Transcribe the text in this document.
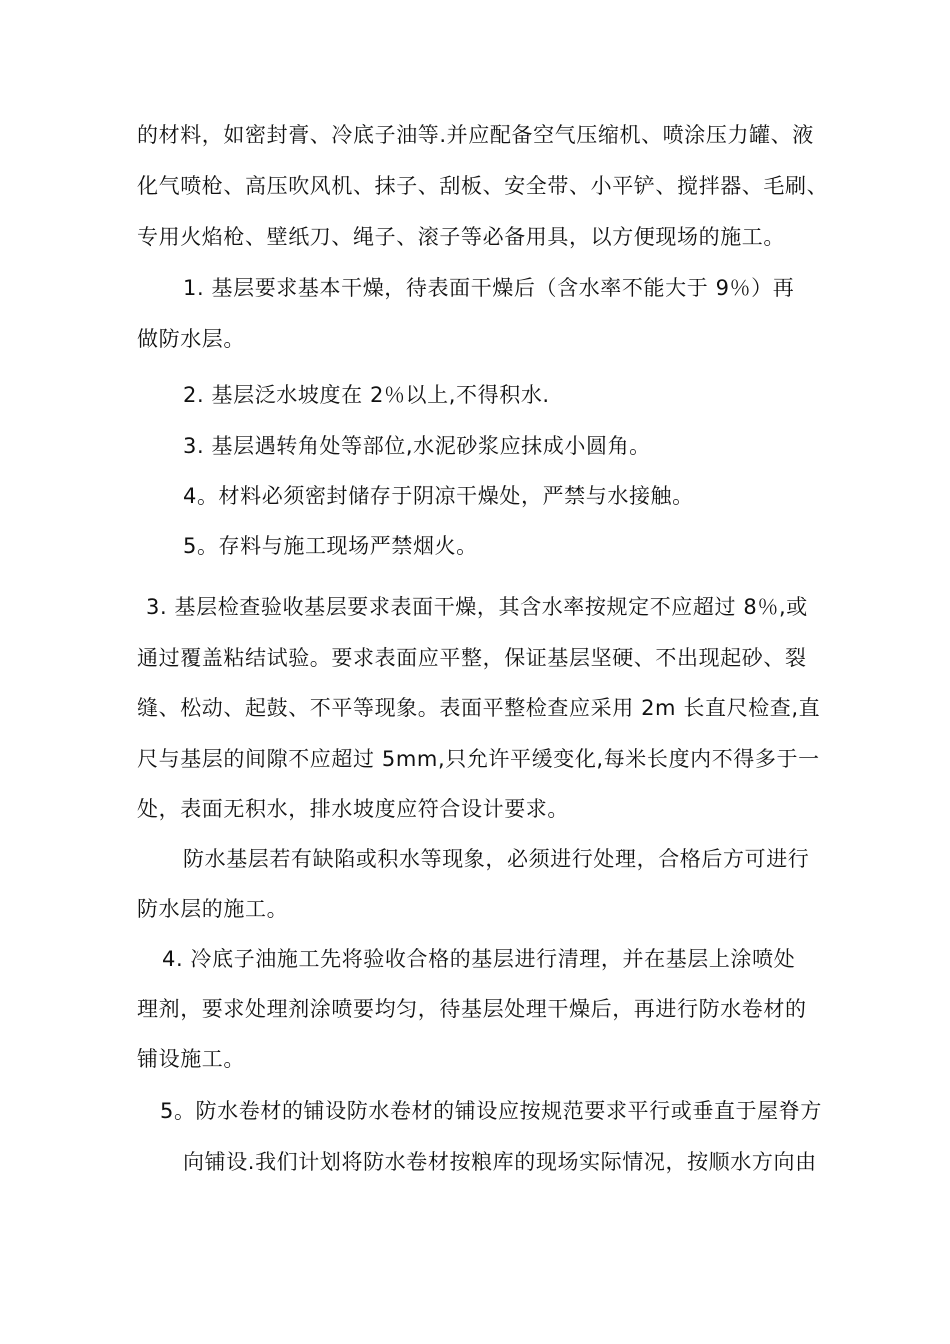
的材料，如密封膏、冷底子油等.并应配备空气压缩机、喷涂压力罐、液
化气喷枪、高压吹风机、抹子、刮板、安全带、小平铲、搅拌器、毛刷、
专用火焰枪、壁纸刀、绳子、滚子等必备用具，以方便现场的施工。
1. 基层要求基本干燥，待表面干燥后（含水率不能大于 9％）再
做防水层。
2. 基层泛水坡度在 2％以上,不得积水.
3. 基层遇转角处等部位,水泥砂浆应抹成小圆角。
4。材料必须密封储存于阴凉干燥处，严禁与水接触。
5。存料与施工现场严禁烟火。
3. 基层检查验收基层要求表面干燥，其含水率按规定不应超过 8％,或
通过覆盖粘结试验。要求表面应平整，保证基层坚硬、不出现起砂、裂
缝、松动、起鼓、不平等现象。表面平整检查应采用 2m 长直尺检查,直
尺与基层的间隙不应超过 5mm,只允许平缓变化,每米长度内不得多于一
处，表面无积水，排水坡度应符合设计要求。
防水基层若有缺陷或积水等现象，必须进行处理，合格后方可进行
防水层的施工。
4. 冷底子油施工先将验收合格的基层进行清理，并在基层上涂喷处
理剂，要求处理剂涂喷要均匀，待基层处理干燥后，再进行防水卷材的
铺设施工。
5。防水卷材的铺设防水卷材的铺设应按规范要求平行或垂直于屋脊方
向铺设.我们计划将防水卷材按粮库的现场实际情况，按顺水方向由
